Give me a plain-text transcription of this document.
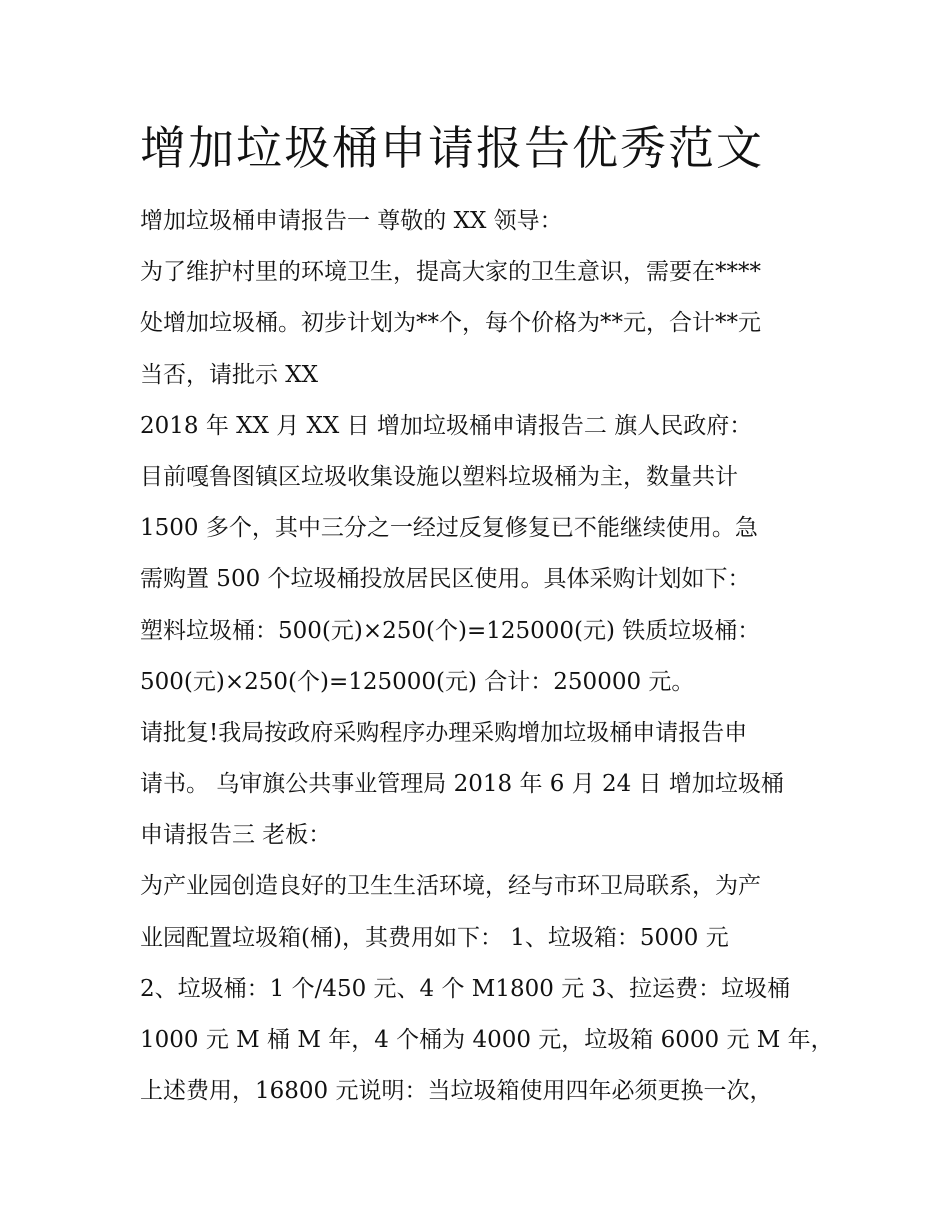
增加垃圾桶申请报告优秀范文
增加垃圾桶申请报告一 尊敬的 XX 领导：
为了维护村里的环境卫生，提高大家的卫生意识，需要在****
处增加垃圾桶。初步计划为**个，每个价格为**元，合计**元
当否，请批示 XX
2018 年 XX 月 XX 日 增加垃圾桶申请报告二 旗人民政府：
目前嘎鲁图镇区垃圾收集设施以塑料垃圾桶为主，数量共计
1500 多个，其中三分之一经过反复修复已不能继续使用。急
需购置 500 个垃圾桶投放居民区使用。具体采购计划如下：
塑料垃圾桶：500(元)×250(个)=125000(元) 铁质垃圾桶：
500(元)×250(个)=125000(元) 合计：250000 元。
请批复!我局按政府采购程序办理采购增加垃圾桶申请报告申
请书。 乌审旗公共事业管理局 2018 年 6 月 24 日 增加垃圾桶
申请报告三 老板：
为产业园创造良好的卫生生活环境，经与市环卫局联系，为产
业园配置垃圾箱(桶)，其费用如下： 1、垃圾箱：5000 元
2、垃圾桶：1 个/450 元、4 个 M1800 元 3、拉运费：垃圾桶
1000 元 M 桶 M 年，4 个桶为 4000 元，垃圾箱 6000 元 M 年，
上述费用，16800 元说明：当垃圾箱使用四年必须更换一次，
